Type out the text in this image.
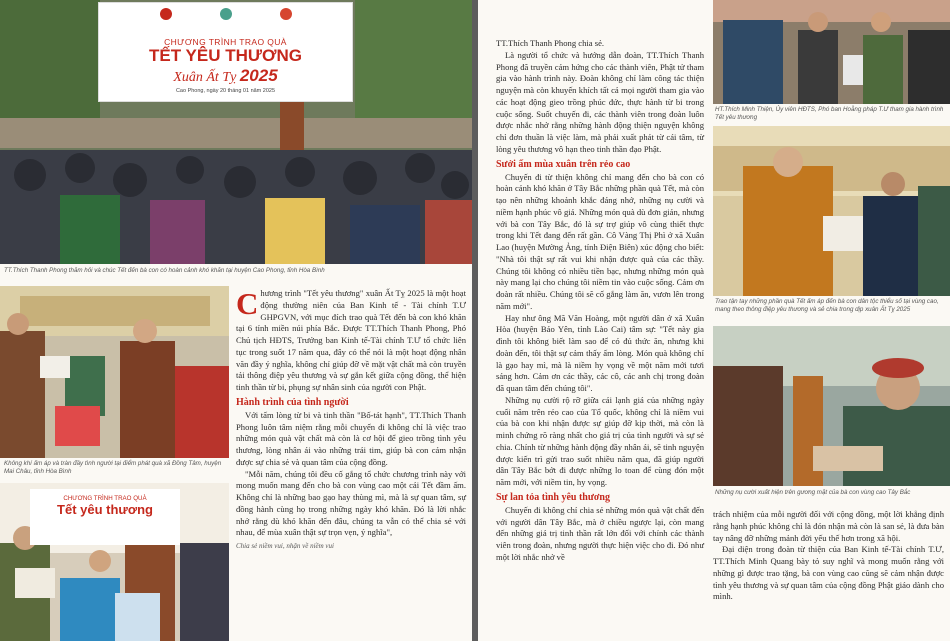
CHƯƠNG TRÌNH TRAO QUÀ
TẾT YÊU THƯƠNG
Xuân Ất Tỵ 2025
Cao Phong, ngày 20 tháng 01 năm 2025
TT.Thích Thanh Phong thăm hỏi và chúc Tết đến bà con có hoàn cảnh khó khăn tại huyện Cao Phong, tỉnh Hòa Bình
Không khí ấm áp và tràn đầy tình người tại điểm phát quà xã Đồng Tâm, huyện Mai Châu, tỉnh Hòa Bình
CHƯƠNG TRÌNH TRAO QUÀ
Tết yêu thương

Chương trình "Tết yêu thương" xuân Ất Tỵ 2025 là một hoạt động thường niên của Ban Kinh tế - Tài chính T.Ư GHPGVN, với mục đích trao quà Tết đến bà con khó khăn tại 6 tỉnh miền núi phía Bắc. Được TT.Thích Thanh Phong, Phó Chủ tịch HĐTS, Trưởng ban Kinh tế-Tài chính T.Ư tổ chức liên tục trong suốt 17 năm qua, đây có thể nói là một hoạt động nhân văn đầy ý nghĩa, không chỉ giúp đỡ về mặt vật chất mà còn truyền tải thông điệp yêu thương và sự gắn kết giữa cộng đồng, thể hiện tinh thần từ bi, phụng sự nhân sinh của người con Phật.

Hành trình của tình người

Với tấm lòng từ bi và tinh thần "Bố-tát hạnh", TT.Thích Thanh Phong luôn tâm niệm rằng mỗi chuyến đi không chỉ là việc trao những món quà vật chất mà còn là cơ hội để gieo trồng tình yêu thương, lòng nhân ái vào những trái tim, giúp bà con cảm nhận được sự chia sẻ và quan tâm của cộng đồng.

"Mỗi năm, chúng tôi đều cố gắng tổ chức chương trình này với mong muốn mang đến cho bà con vùng cao một cái Tết đầm ấm. Không chỉ là những bao gạo hay thùng mì, mà là sự quan tâm, sự đồng hành cùng họ trong những ngày khó khăn. Đó là lời nhắc nhở rằng dù khó khăn đến đâu, chúng ta vẫn có thể chia sẻ với nhau, để mùa xuân thật sự trọn vẹn, ý nghĩa",

Chia sẻ niềm vui, nhận về niềm vui

TT.Thích Thanh Phong chia sẻ.

Là người tổ chức và hướng dẫn đoàn, TT.Thích Thanh Phong đã truyền cảm hứng cho các thành viên, Phật tử tham gia vào hành trình này. Đoàn không chỉ làm công tác thiện nguyện mà còn khuyến khích tất cả mọi người tham gia vào các hoạt động gieo trồng phúc đức, thực hành từ bi trong cuộc sống. Suốt chuyến đi, các thành viên trong đoàn luôn được nhắc nhở rằng những hành động thiện nguyện không chỉ đơn thuần là việc làm, mà phải xuất phát từ cái tâm, từ lòng yêu thương vô hạn theo tinh thần đạo Phật.

Sưởi ấm mùa xuân trên rẻo cao

Chuyến đi từ thiện không chỉ mang đến cho bà con có hoàn cảnh khó khăn ở Tây Bắc những phần quà Tết, mà còn tạo nên những khoảnh khắc đáng nhớ, những nụ cười và niềm hạnh phúc vô giá. Những món quà dù đơn giản, nhưng với bà con Tây Bắc, đó là sự trợ giúp vô cùng thiết thực trong khi Tết đang đến rất gần. Cô Vàng Thị Phì ở xã Xuân Lao (huyện Mường Ảng, tỉnh Điện Biên) xúc động cho biết: "Nhà tôi thật sự rất vui khi nhận được quà của các thầy. Chúng tôi không có nhiều tiền bạc, nhưng những món quà này mang lại cho chúng tôi niềm tin vào cuộc sống. Cảm ơn đoàn rất nhiều. Chúng tôi sẽ cố gắng làm ăn, vươn lên trong năm mới".

Hay như ông Mã Văn Hoàng, một người dân ở xã Xuân Hòa (huyện Bảo Yên, tỉnh Lào Cai) tâm sự: "Tết này gia đình tôi không biết làm sao để có đủ thức ăn, nhưng khi đoàn đến, tôi thật sự cảm thấy ấm lòng. Món quà không chỉ là gạo hay mì, mà là niềm hy vọng về một năm mới tươi sáng hơn. Cảm ơn các thầy, các cô, các anh chị trong đoàn đã quan tâm đến chúng tôi".

Những nụ cười rộ rỡ giữa cái lạnh giá của những ngày cuối năm trên rẻo cao của Tổ quốc, không chỉ là niềm vui của bà con khi nhận được sự giúp đỡ kịp thời, mà còn là minh chứng rõ ràng nhất cho giá trị của tình người và sự sẻ chia. Chính từ những hành động đầy nhân ái, sẽ tinh nguyện được kiến trì gửi trao suốt nhiều năm qua, đã giúp người dân Tây Bắc bớt đi được những lo toan để cùng đón một năm mới, với niềm tin, hy vọng.

Sự lan tỏa tình yêu thương

Chuyến đi không chỉ chia sẻ những món quà vật chất đến với người dân Tây Bắc, mà ở chiều ngược lại, còn mang đến những giá trị tinh thần rất lớn đối với chính các thành viên trong đoàn, nhưng người thực hiện việc cho đi. Đó như một lời nhắc nhở về

HT.Thích Minh Thiện, Ủy viên HĐTS, Phó ban Hoằng pháp T.Ư tham gia hành trình Tết yêu thương
Trao tận tay những phần quà Tết ấm áp đến bà con dân tộc thiểu số tại vùng cao, mang theo thông điệp yêu thương và sẻ chia trong dịp xuân Ất Tỵ 2025
Những nụ cười xuất hiện trên gương mặt của bà con vùng cao Tây Bắc

trách nhiệm của mỗi người đối với cộng đồng, một lời khẳng định rằng hạnh phúc không chỉ là đón nhận mà còn là san sẻ, là đưa bàn tay nâng đỡ những mảnh đời yếu thế hơn trong xã hội.

Đại diện trong đoàn từ thiện của Ban Kinh tế-Tài chính T.Ư, TT.Thích Minh Quang bày tỏ suy nghĩ và mong muốn rằng với những gì được trao tặng, bà con vùng cao cũng sẽ cảm nhận được tình yêu thương và sự quan tâm của cộng đồng Phật giáo dành cho mình.
